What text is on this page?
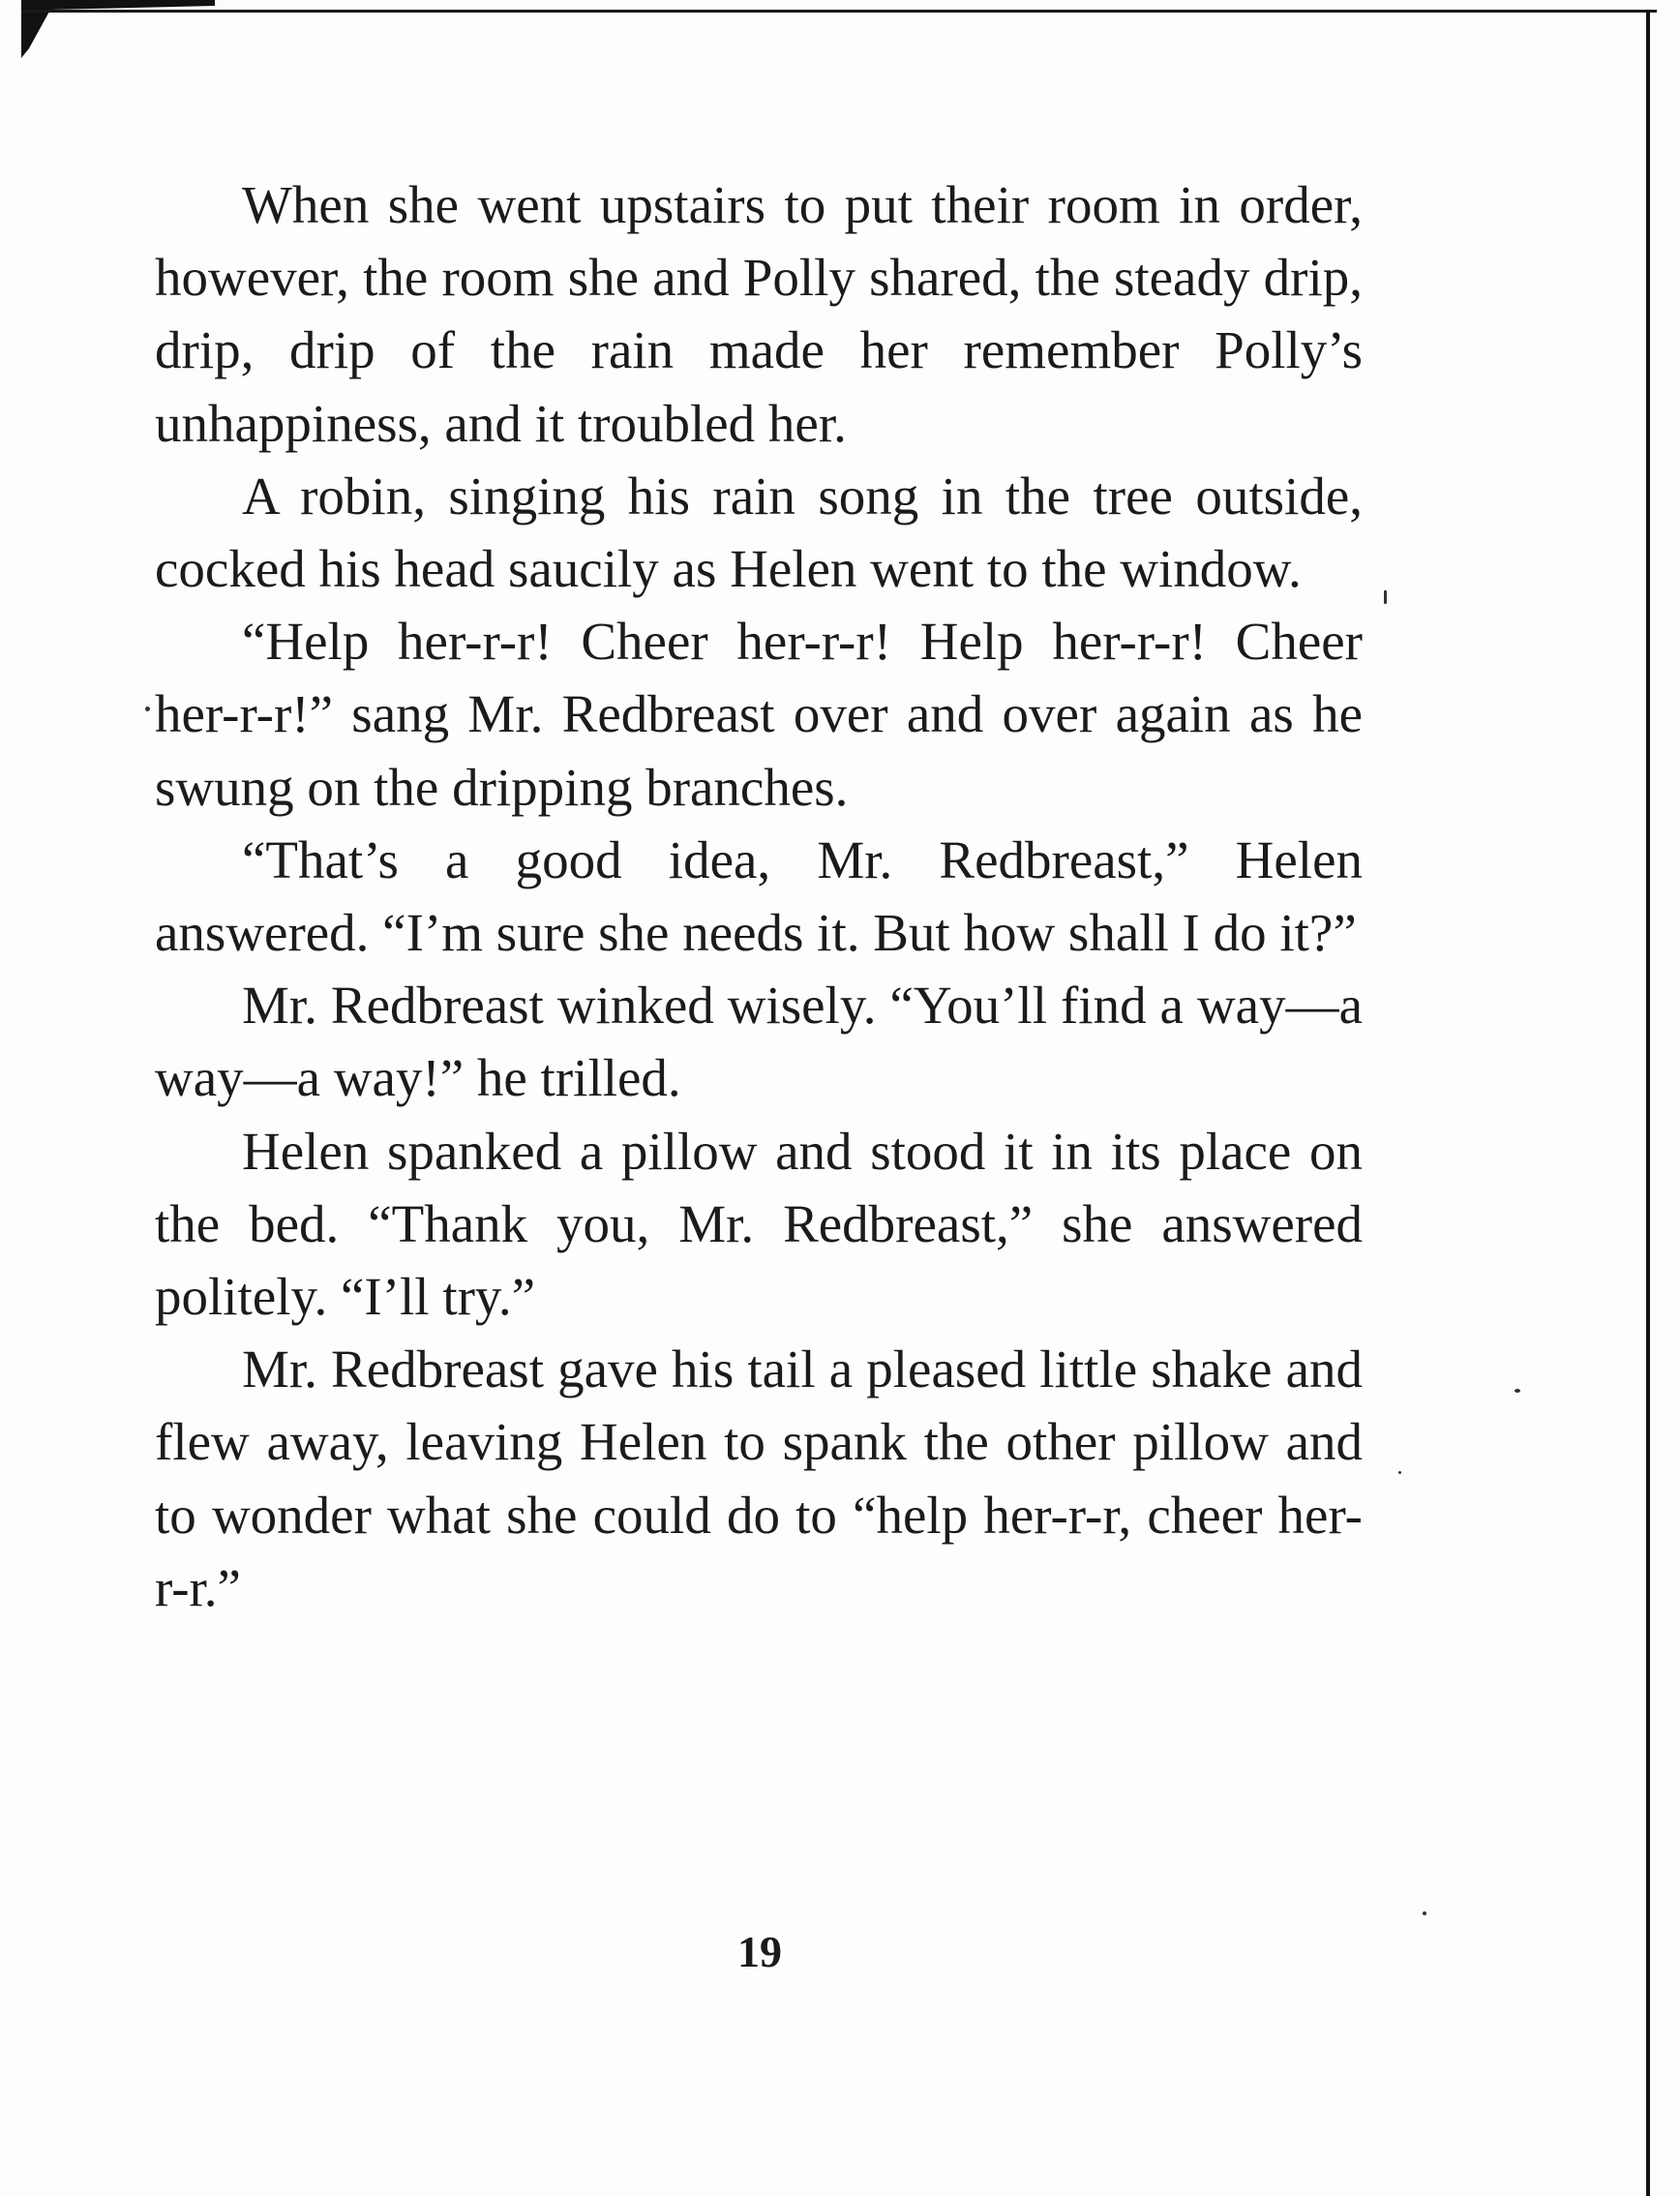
When she went upstairs to put their room in order, however, the room she and Polly shared, the steady drip, drip, drip of the rain made her remember Polly’s unhappiness, and it troubled her.

A robin, singing his rain song in the tree outside, cocked his head saucily as Helen went to the window.

“Help her-r-r! Cheer her-r-r! Help her-r-r! Cheer her-r-r!” sang Mr. Redbreast over and over again as he swung on the dripping branches.

“That’s a good idea, Mr. Redbreast,” Helen answered. “I’m sure she needs it. But how shall I do it?”

Mr. Redbreast winked wisely. “You’ll find a way—a way—a way!” he trilled.

Helen spanked a pillow and stood it in its place on the bed. “Thank you, Mr. Redbreast,” she answered politely. “I’ll try.”

Mr. Redbreast gave his tail a pleased little shake and flew away, leaving Helen to spank the other pillow and to wonder what she could do to “help her-r-r, cheer her-r-r.”

19
